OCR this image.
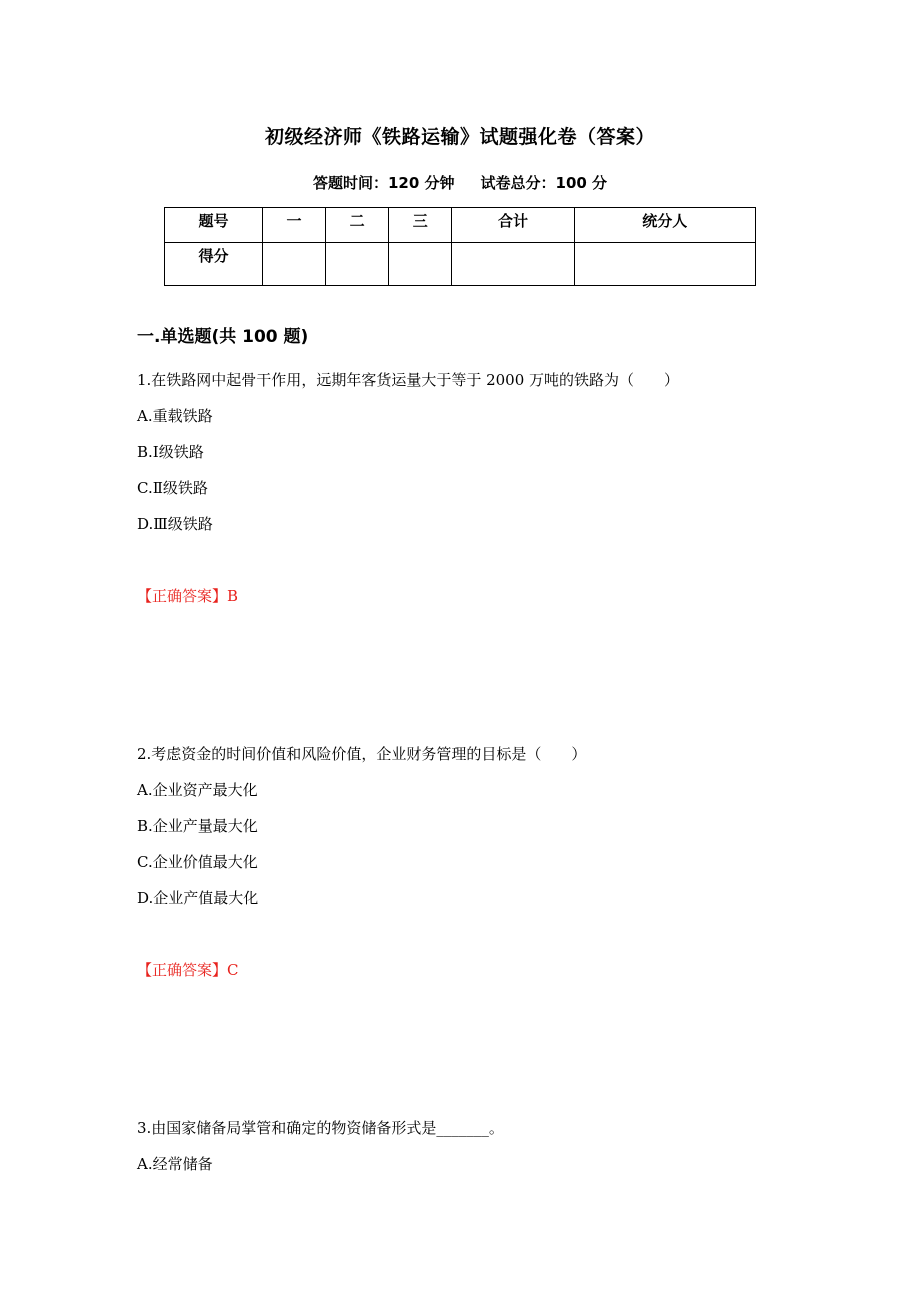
初级经济师《铁路运输》试题强化卷（答案）
答题时间：120 分钟 试卷总分：100 分
题号	一	二	三	合计	统分人
得分					
一.单选题(共 100 题)
1.在铁路网中起骨干作用，远期年客货运量大于等于 2000 万吨的铁路为（　　）
A.重载铁路
B.Ⅰ级铁路
C.Ⅱ级铁路
D.Ⅲ级铁路
【正确答案】B
2.考虑资金的时间价值和风险价值，企业财务管理的目标是（　　）
A.企业资产最大化
B.企业产量最大化
C.企业价值最大化
D.企业产值最大化
【正确答案】C
3.由国家储备局掌管和确定的物资储备形式是_______。
A.经常储备
